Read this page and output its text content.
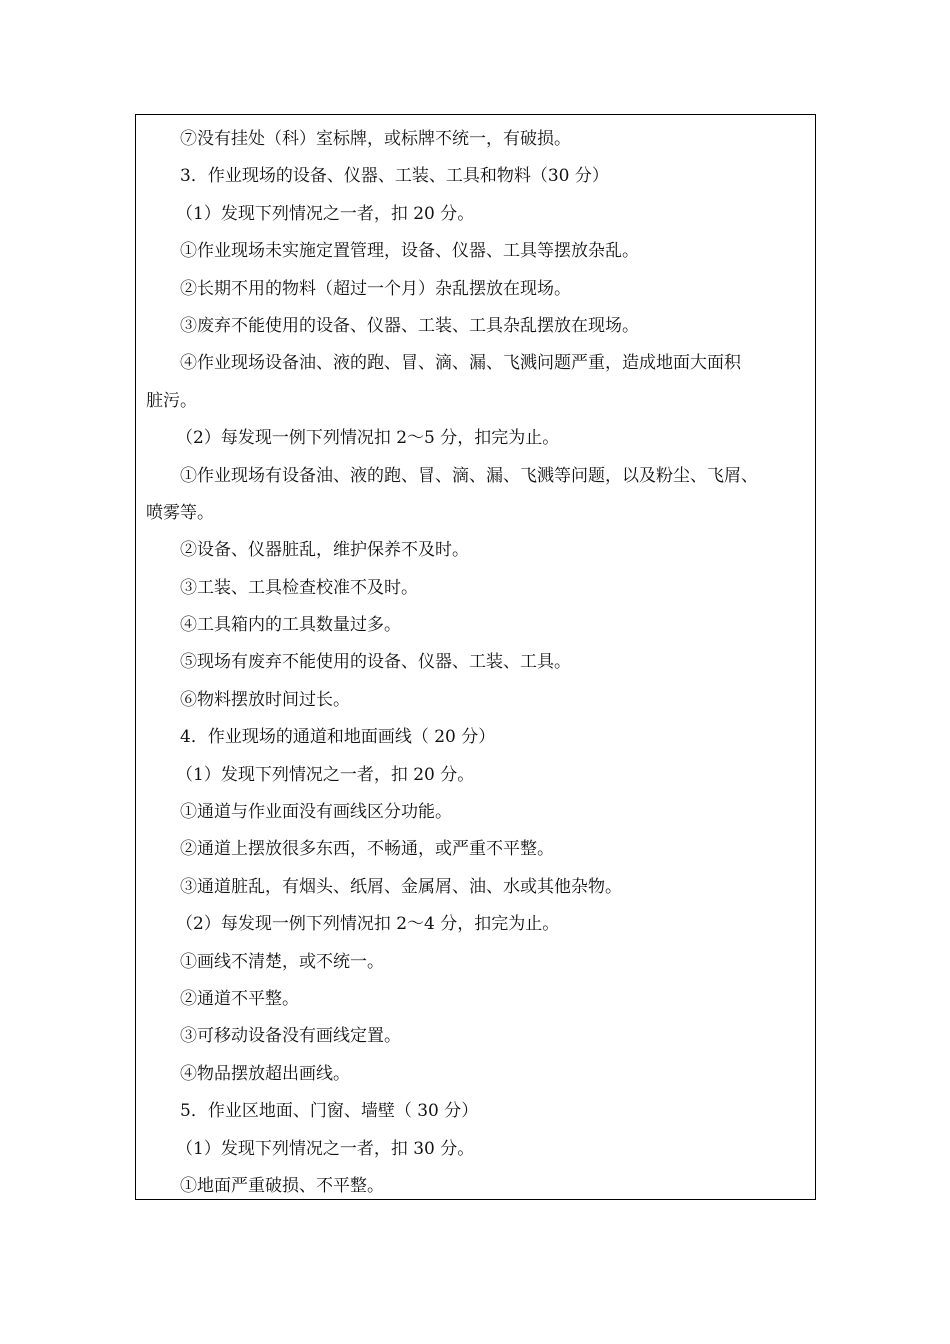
⑦没有挂处（科）室标牌，或标牌不统一，有破损。
3．作业现场的设备、仪器、工装、工具和物料（30 分）
（1）发现下列情况之一者，扣 20 分。
①作业现场未实施定置管理，设备、仪器、工具等摆放杂乱。
②长期不用的物料（超过一个月）杂乱摆放在现场。
③废弃不能使用的设备、仪器、工装、工具杂乱摆放在现场。
④作业现场设备油、液的跑、冒、滴、漏、飞溅问题严重，造成地面大面积
脏污。
（2）每发现一例下列情况扣 2～5 分，扣完为止。
①作业现场有设备油、液的跑、冒、滴、漏、飞溅等问题，以及粉尘、飞屑、
喷雾等。
②设备、仪器脏乱，维护保养不及时。
③工装、工具检查校准不及时。
④工具箱内的工具数量过多。
⑤现场有废弃不能使用的设备、仪器、工装、工具。
⑥物料摆放时间过长。
4．作业现场的通道和地面画线（ 20 分）
（1）发现下列情况之一者，扣 20 分。
①通道与作业面没有画线区分功能。
②通道上摆放很多东西，不畅通，或严重不平整。
③通道脏乱，有烟头、纸屑、金属屑、油、水或其他杂物。
（2）每发现一例下列情况扣 2～4 分，扣完为止。
①画线不清楚，或不统一。
②通道不平整。
③可移动设备没有画线定置。
④物品摆放超出画线。
5．作业区地面、门窗、墙壁（ 30 分）
（1）发现下列情况之一者，扣 30 分。
①地面严重破损、不平整。
